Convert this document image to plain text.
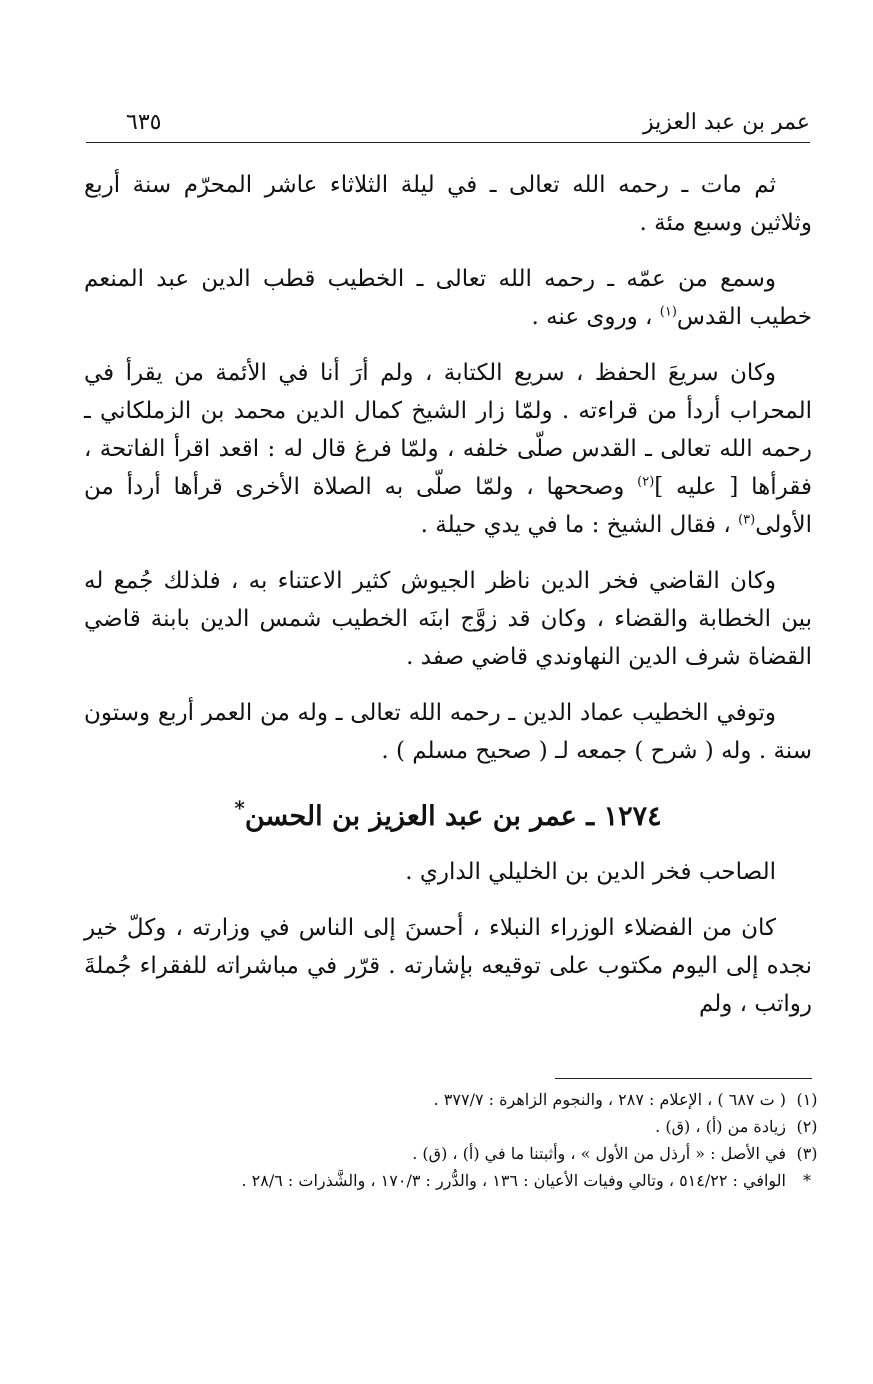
عمر بن عبد العزيز
٦٣٥

ثم مات ـ رحمه الله تعالى ـ في ليلة الثلاثاء عاشر المحرّم سنة أربع وثلاثين وسبع مئة .

وسمع من عمّه ـ رحمه الله تعالى ـ الخطيب قطب الدين عبد المنعم خطيب القدس$^{(١)}$ ، وروى عنه .

وكان سريعَ الحفظ ، سريع الكتابة ، ولم أرَ أنا في الأئمة من يقرأ في المحراب أردأ من قراءته . ولمّا زار الشيخ كمال الدين محمد بن الزملكاني ـ رحمه الله تعالى ـ القدس صلّى خلفه ، ولمّا فرغ قال له : اقعد اقرأ الفاتحة ، فقرأها [ عليه ]$^{(٢)}$ وصححها ، ولمّا صلّى به الصلاة الأخرى قرأها أردأ من الأولى$^{(٣)}$ ، فقال الشيخ : ما في يدي حيلة .

وكان القاضي فخر الدين ناظر الجيوش كثير الاعتناء به ، فلذلك جُمع له بين الخطابة والقضاء ، وكان قد زوَّج ابنَه الخطيب شمس الدين بابنة قاضي القضاة شرف الدين النهاوندي قاضي صفد .

وتوفي الخطيب عماد الدين ـ رحمه الله تعالى ـ وله من العمر أربع وستون سنة . وله ( شرح ) جمعه لـ ( صحيح مسلم ) .

١٢٧٤ ـ عمر بن عبد العزيز بن الحسن*

الصاحب فخر الدين بن الخليلي الداري .

كان من الفضلاء الوزراء النبلاء ، أحسنَ إلى الناس في وزارته ، وكلّ خير نجده إلى اليوم مكتوب على توقيعه بإشارته . قرّر في مباشراته للفقراء جُملةَ رواتب ، ولم

(١)
( ت ٦٨٧ ) ، الإعلام : ٢٨٧ ، والنجوم الزاهرة : ٣٧٧/٧ .
(٢)
زيادة من (أ) ، (ق) .
(٣)
في الأصل : « أرذل من الأول » ، وأثبتنا ما في (أ) ، (ق) .
*
الوافي : ٥١٤/٢٢ ، وتالي وفيات الأعيان : ١٣٦ ، والدُّرر : ١٧٠/٣ ، والشَّذرات : ٢٨/٦ .
